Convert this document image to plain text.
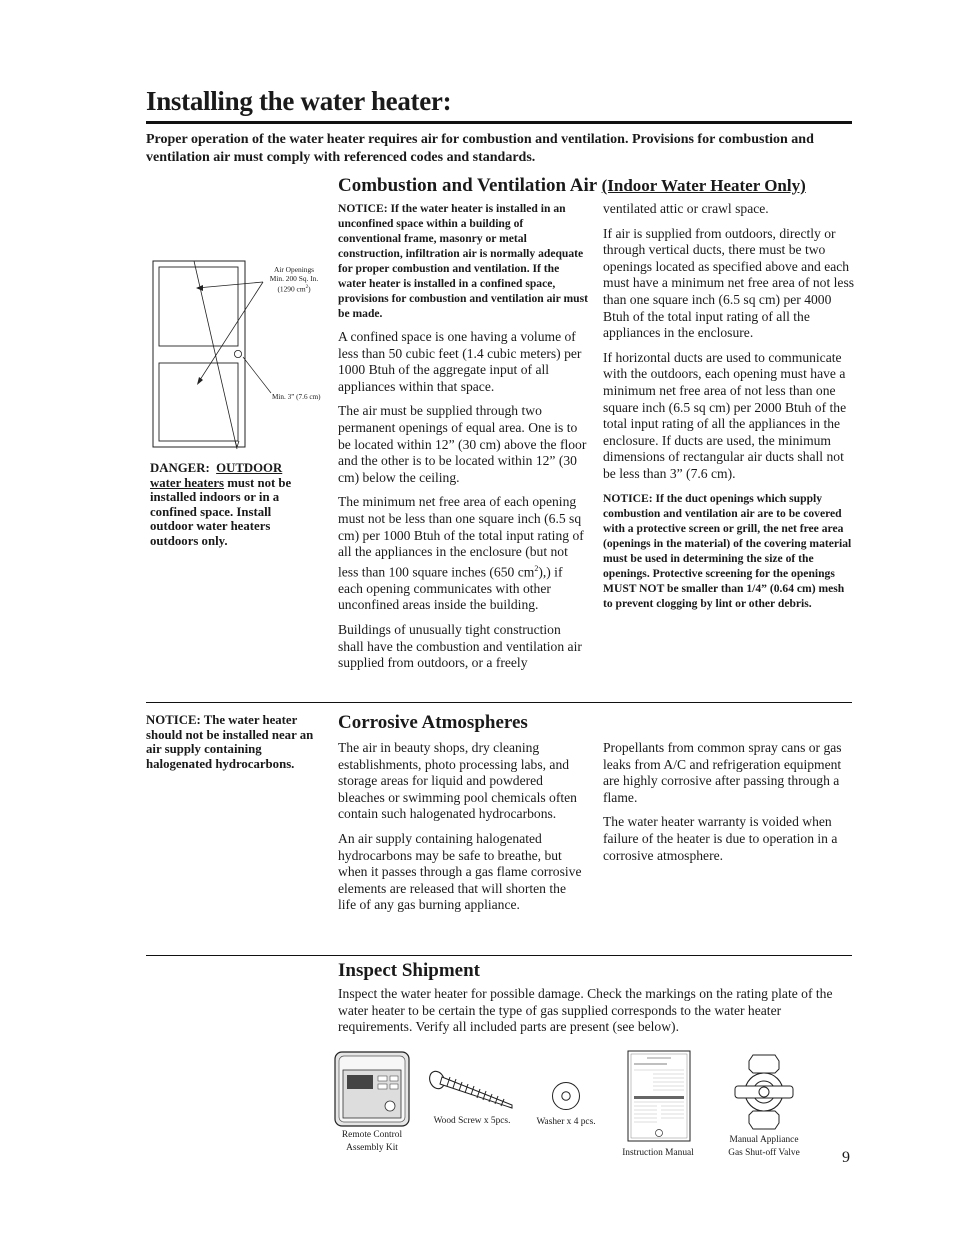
Installing the water heater:
Proper operation of the water heater requires air for combustion and ventilation. Provisions for combustion and ventilation air must comply with referenced codes and standards.
Combustion and Ventilation Air (Indoor Water Heater Only)
Air Openings
Min. 200 Sq. In.
(1290 $cm^2$)
Min. 3” (7.6 cm)
DANGER: OUTDOOR water heaters must not be installed indoors or in a confined space. Install outdoor water heaters outdoors only.
NOTICE: If the water heater is installed in an unconfined space within a building of conventional frame, masonry or metal construction, infiltration air is normally adequate for proper combustion and ventilation. If the water heater is installed in a confined space, provisions for combustion and ventilation air must be made.

A confined space is one having a volume of less than 50 cubic feet (1.4 cubic meters) per 1000 Btuh of the aggregate input of all appliances within that space.

The air must be supplied through two permanent openings of equal area. One is to be located within 12” (30 cm) above the floor and the other is to be located within 12” (30 cm) below the ceiling.

The minimum net free area of each opening must not be less than one square inch (6.5 sq cm) per 1000 Btuh of the total input rating of all the appliances in the enclosure (but not less than 100 square inches (650 $cm^2$),) if each opening communicates with other unconfined areas inside the building.

Buildings of unusually tight construction shall have the combustion and ventilation air supplied from outdoors, or a freely

ventilated attic or crawl space.

If air is supplied from outdoors, directly or through vertical ducts, there must be two openings located as specified above and each must have a minimum net free area of not less than one square inch (6.5 sq cm) per 4000 Btuh of the total input rating of all the appliances in the enclosure.

If horizontal ducts are used to communicate with the outdoors, each opening must have a minimum net free area of not less than one square inch (6.5 sq cm) per 2000 Btuh of the total input rating of all the appliances in the enclosure. If ducts are used, the minimum dimensions of rectangular air ducts shall not be less than 3” (7.6 cm).

NOTICE: If the duct openings which supply combustion and ventilation air are to be covered with a protective screen or grill, the net free area (openings in the material) of the covering material must be used in determining the size of the openings. Protective screening for the openings MUST NOT be smaller than 1/4” (0.64 cm) mesh to prevent clogging by lint or other debris.
NOTICE: The water heater should not be installed near an air supply containing halogenated hydrocarbons.
Corrosive Atmospheres

The air in beauty shops, dry cleaning establishments, photo processing labs, and storage areas for liquid and powdered bleaches or swimming pool chemicals often contain such halogenated hydrocarbons.

An air supply containing halogenated hydrocarbons may be safe to breathe, but when it passes through a gas flame corrosive elements are released that will shorten the life of any gas burning appliance.

Propellants from common spray cans or gas leaks from A/C and refrigeration equipment are highly corrosive after passing through a flame.

The water heater warranty is voided when failure of the heater is due to operation in a corrosive atmosphere.

Inspect Shipment
Inspect the water heater for possible damage. Check the markings on the rating plate of the water heater to be certain the type of gas supplied corresponds to the water heater requirements. Verify all included parts are present (see below).
Remote Control
Assembly Kit
Wood Screw x 5pcs.	Washer x 4 pcs.
Instruction Manual
Manual Appliance
Gas Shut-off Valve	9
